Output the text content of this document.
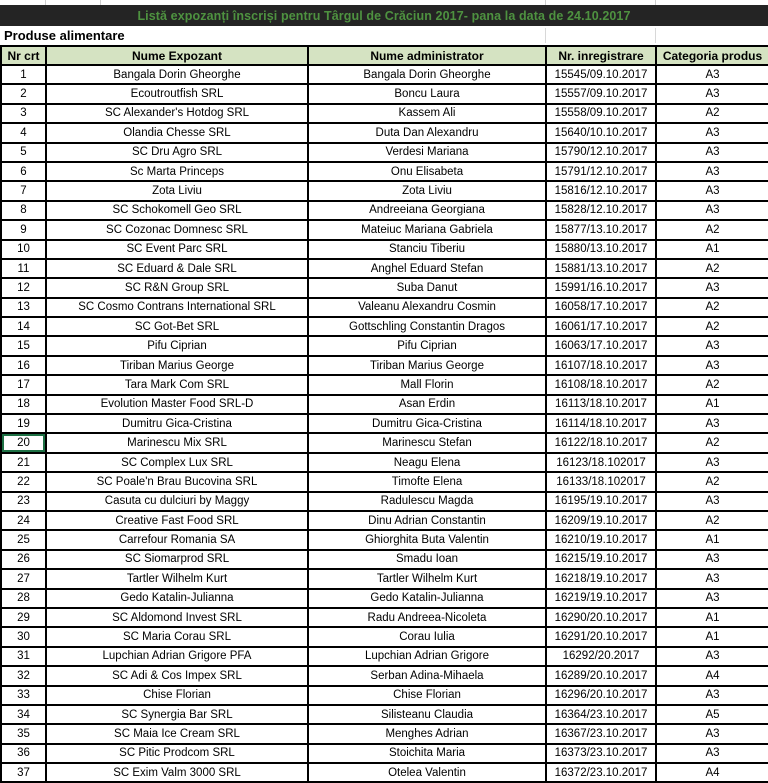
Listă expozanți înscriși pentru Târgul de Crăciun 2017- pana la data de 24.10.2017
Produse alimentare
Nr crt	Nume Expozant	Nume administrator	Nr. inregistrare	Categoria produs
1	Bangala Dorin Gheorghe	Bangala Dorin Gheorghe	15545/09.10.2017	A3
2	Ecoutroutfish SRL	Boncu Laura	15557/09.10.2017	A3
3	SC Alexander's Hotdog SRL	Kassem Ali	15558/09.10.2017	A2
4	Olandia Chesse SRL	Duta Dan Alexandru	15640/10.10.2017	A3
5	SC Dru Agro SRL	Verdesi Mariana	15790/12.10.2017	A3
6	Sc Marta Princeps	Onu Elisabeta	15791/12.10.2017	A3
7	Zota Liviu	Zota Liviu	15816/12.10.2017	A3
8	SC Schokomell Geo SRL	Andreeiana Georgiana	15828/12.10.2017	A3
9	SC Cozonac Domnesc SRL	Mateiuc Mariana Gabriela	15877/13.10.2017	A2
10	SC Event Parc SRL	Stanciu Tiberiu	15880/13.10.2017	A1
11	SC Eduard & Dale SRL	Anghel Eduard Stefan	15881/13.10.2017	A2
12	SC R&N Group SRL	Suba Danut	15991/16.10.2017	A3
13	SC Cosmo Contrans International SRL	Valeanu Alexandru Cosmin	16058/17.10.2017	A2
14	SC Got-Bet SRL	Gottschling Constantin Dragos	16061/17.10.2017	A2
15	Pifu Ciprian	Pifu Ciprian	16063/17.10.2017	A3
16	Tiriban Marius George	Tiriban Marius George	16107/18.10.2017	A3
17	Tara Mark Com SRL	Mall Florin	16108/18.10.2017	A2
18	Evolution Master Food SRL-D	Asan Erdin	16113/18.10.2017	A1
19	Dumitru Gica-Cristina	Dumitru Gica-Cristina	16114/18.10.2017	A3
20	Marinescu Mix SRL	Marinescu Stefan	16122/18.10.2017	A2
21	SC Complex Lux SRL	Neagu Elena	16123/18.102017	A3
22	SC Poale'n Brau Bucovina SRL	Timofte Elena	16133/18.102017	A2
23	Casuta cu dulciuri by Maggy	Radulescu Magda	16195/19.10.2017	A3
24	Creative Fast Food SRL	Dinu Adrian Constantin	16209/19.10.2017	A2
25	Carrefour Romania SA	Ghiorghita Buta Valentin	16210/19.10.2017	A1
26	SC Siomarprod SRL	Smadu Ioan	16215/19.10.2017	A3
27	Tartler Wilhelm Kurt	Tartler Wilhelm Kurt	16218/19.10.2017	A3
28	Gedo Katalin-Julianna	Gedo Katalin-Julianna	16219/19.10.2017	A3
29	SC Aldomond Invest SRL	Radu Andreea-Nicoleta	16290/20.10.2017	A1
30	SC Maria Corau SRL	Corau Iulia	16291/20.10.2017	A1
31	Lupchian Adrian Grigore PFA	Lupchian Adrian Grigore	16292/20.2017	A3
32	SC Adi & Cos Impex SRL	Serban Adina-Mihaela	16289/20.10.2017	A4
33	Chise Florian	Chise Florian	16296/20.10.2017	A3
34	SC Synergia Bar SRL	Silisteanu Claudia	16364/23.10.2017	A5
35	SC Maia Ice Cream SRL	Menghes Adrian	16367/23.10.2017	A3
36	SC Pitic Prodcom SRL	Stoichita Maria	16373/23.10.2017	A3
37	SC Exim Valm 3000 SRL	Otelea Valentin	16372/23.10.2017	A4
